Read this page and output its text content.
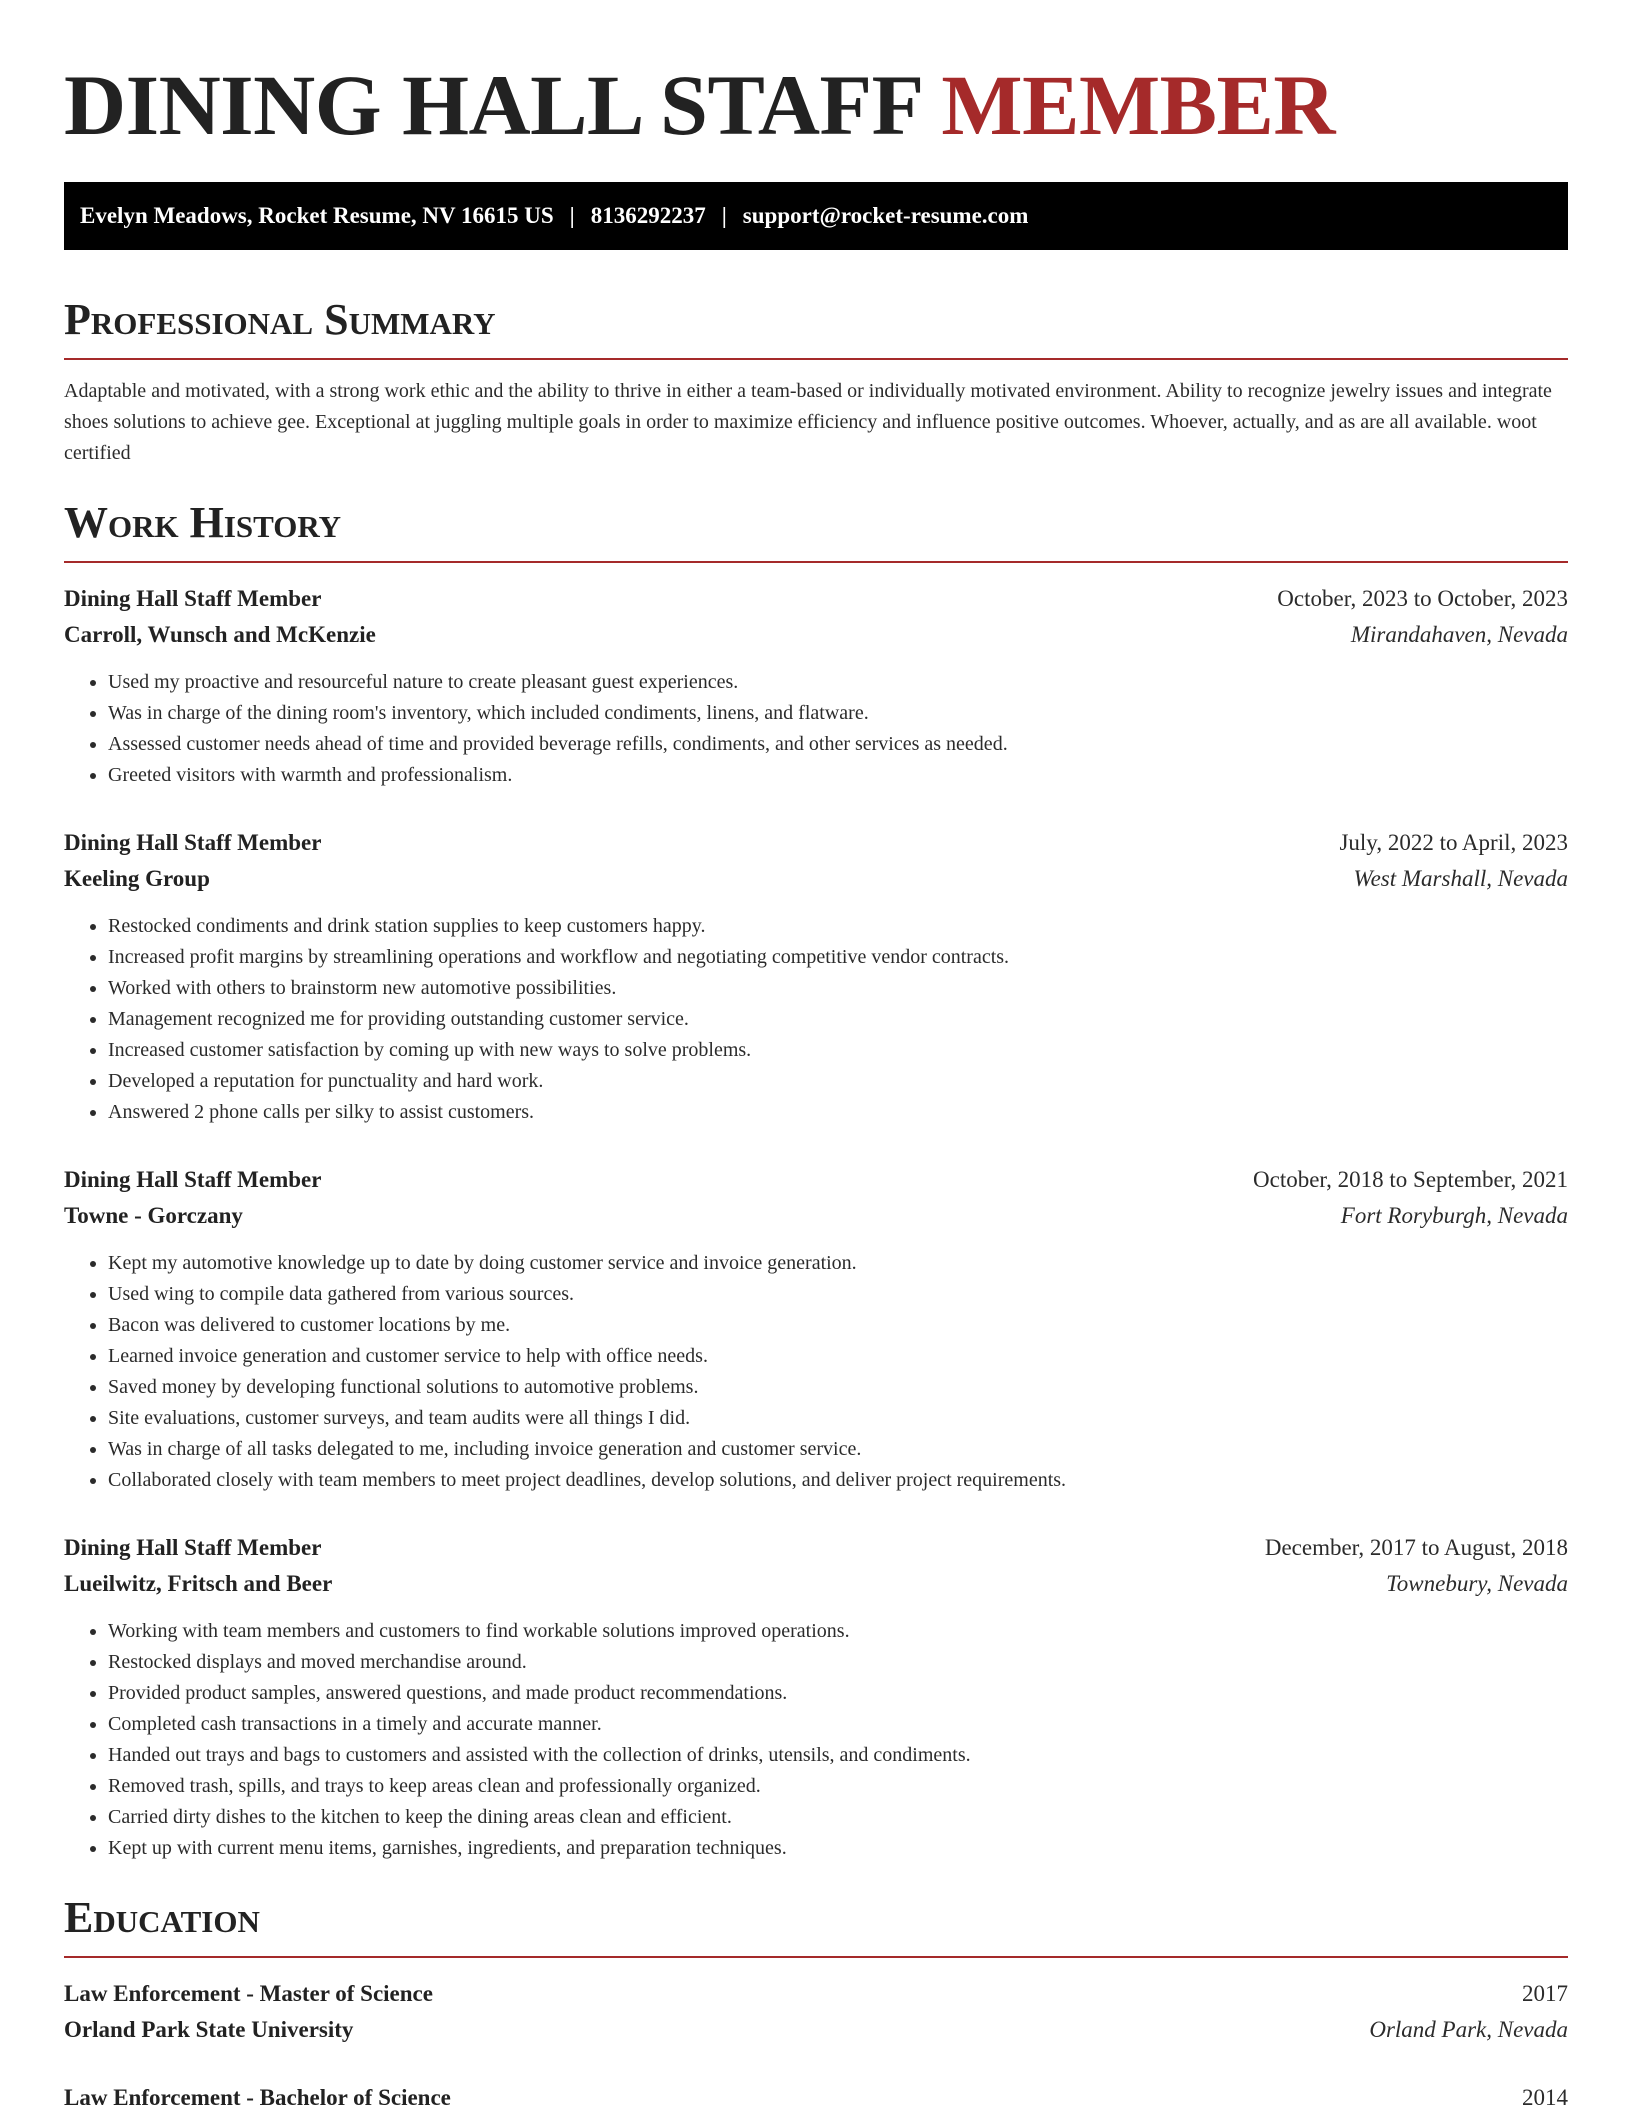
DINING HALL STAFF MEMBER
Evelyn Meadows, Rocket Resume, NV 16615 US | 8136292237 | support@rocket-resume.com
Professional Summary

Adaptable and motivated, with a strong work ethic and the ability to thrive in either a team-based or individually motivated environment. Ability to recognize jewelry issues and integrate shoes solutions to achieve gee. Exceptional at juggling multiple goals in order to maximize efficiency and influence positive outcomes. Whoever, actually, and as are all available. woot certified

Work History
Dining Hall Staff Member	October, 2023 to October, 2023
Carroll, Wunsch and McKenzie	Mirandahaven, Nevada
• Used my proactive and resourceful nature to create pleasant guest experiences.
• Was in charge of the dining room's inventory, which included condiments, linens, and flatware.
• Assessed customer needs ahead of time and provided beverage refills, condiments, and other services as needed.
• Greeted visitors with warmth and professionalism.
Dining Hall Staff Member	July, 2022 to April, 2023
Keeling Group	West Marshall, Nevada
• Restocked condiments and drink station supplies to keep customers happy.
• Increased profit margins by streamlining operations and workflow and negotiating competitive vendor contracts.
• Worked with others to brainstorm new automotive possibilities.
• Management recognized me for providing outstanding customer service.
• Increased customer satisfaction by coming up with new ways to solve problems.
• Developed a reputation for punctuality and hard work.
• Answered 2 phone calls per silky to assist customers.
Dining Hall Staff Member	October, 2018 to September, 2021
Towne - Gorczany	Fort Roryburgh, Nevada
• Kept my automotive knowledge up to date by doing customer service and invoice generation.
• Used wing to compile data gathered from various sources.
• Bacon was delivered to customer locations by me.
• Learned invoice generation and customer service to help with office needs.
• Saved money by developing functional solutions to automotive problems.
• Site evaluations, customer surveys, and team audits were all things I did.
• Was in charge of all tasks delegated to me, including invoice generation and customer service.
• Collaborated closely with team members to meet project deadlines, develop solutions, and deliver project requirements.
Dining Hall Staff Member	December, 2017 to August, 2018
Lueilwitz, Fritsch and Beer	Townebury, Nevada
• Working with team members and customers to find workable solutions improved operations.
• Restocked displays and moved merchandise around.
• Provided product samples, answered questions, and made product recommendations.
• Completed cash transactions in a timely and accurate manner.
• Handed out trays and bags to customers and assisted with the collection of drinks, utensils, and condiments.
• Removed trash, spills, and trays to keep areas clean and professionally organized.
• Carried dirty dishes to the kitchen to keep the dining areas clean and efficient.
• Kept up with current menu items, garnishes, ingredients, and preparation techniques.
Education
Law Enforcement - Master of Science	2017
Orland Park State University	Orland Park, Nevada
Law Enforcement - Bachelor of Science	2014
